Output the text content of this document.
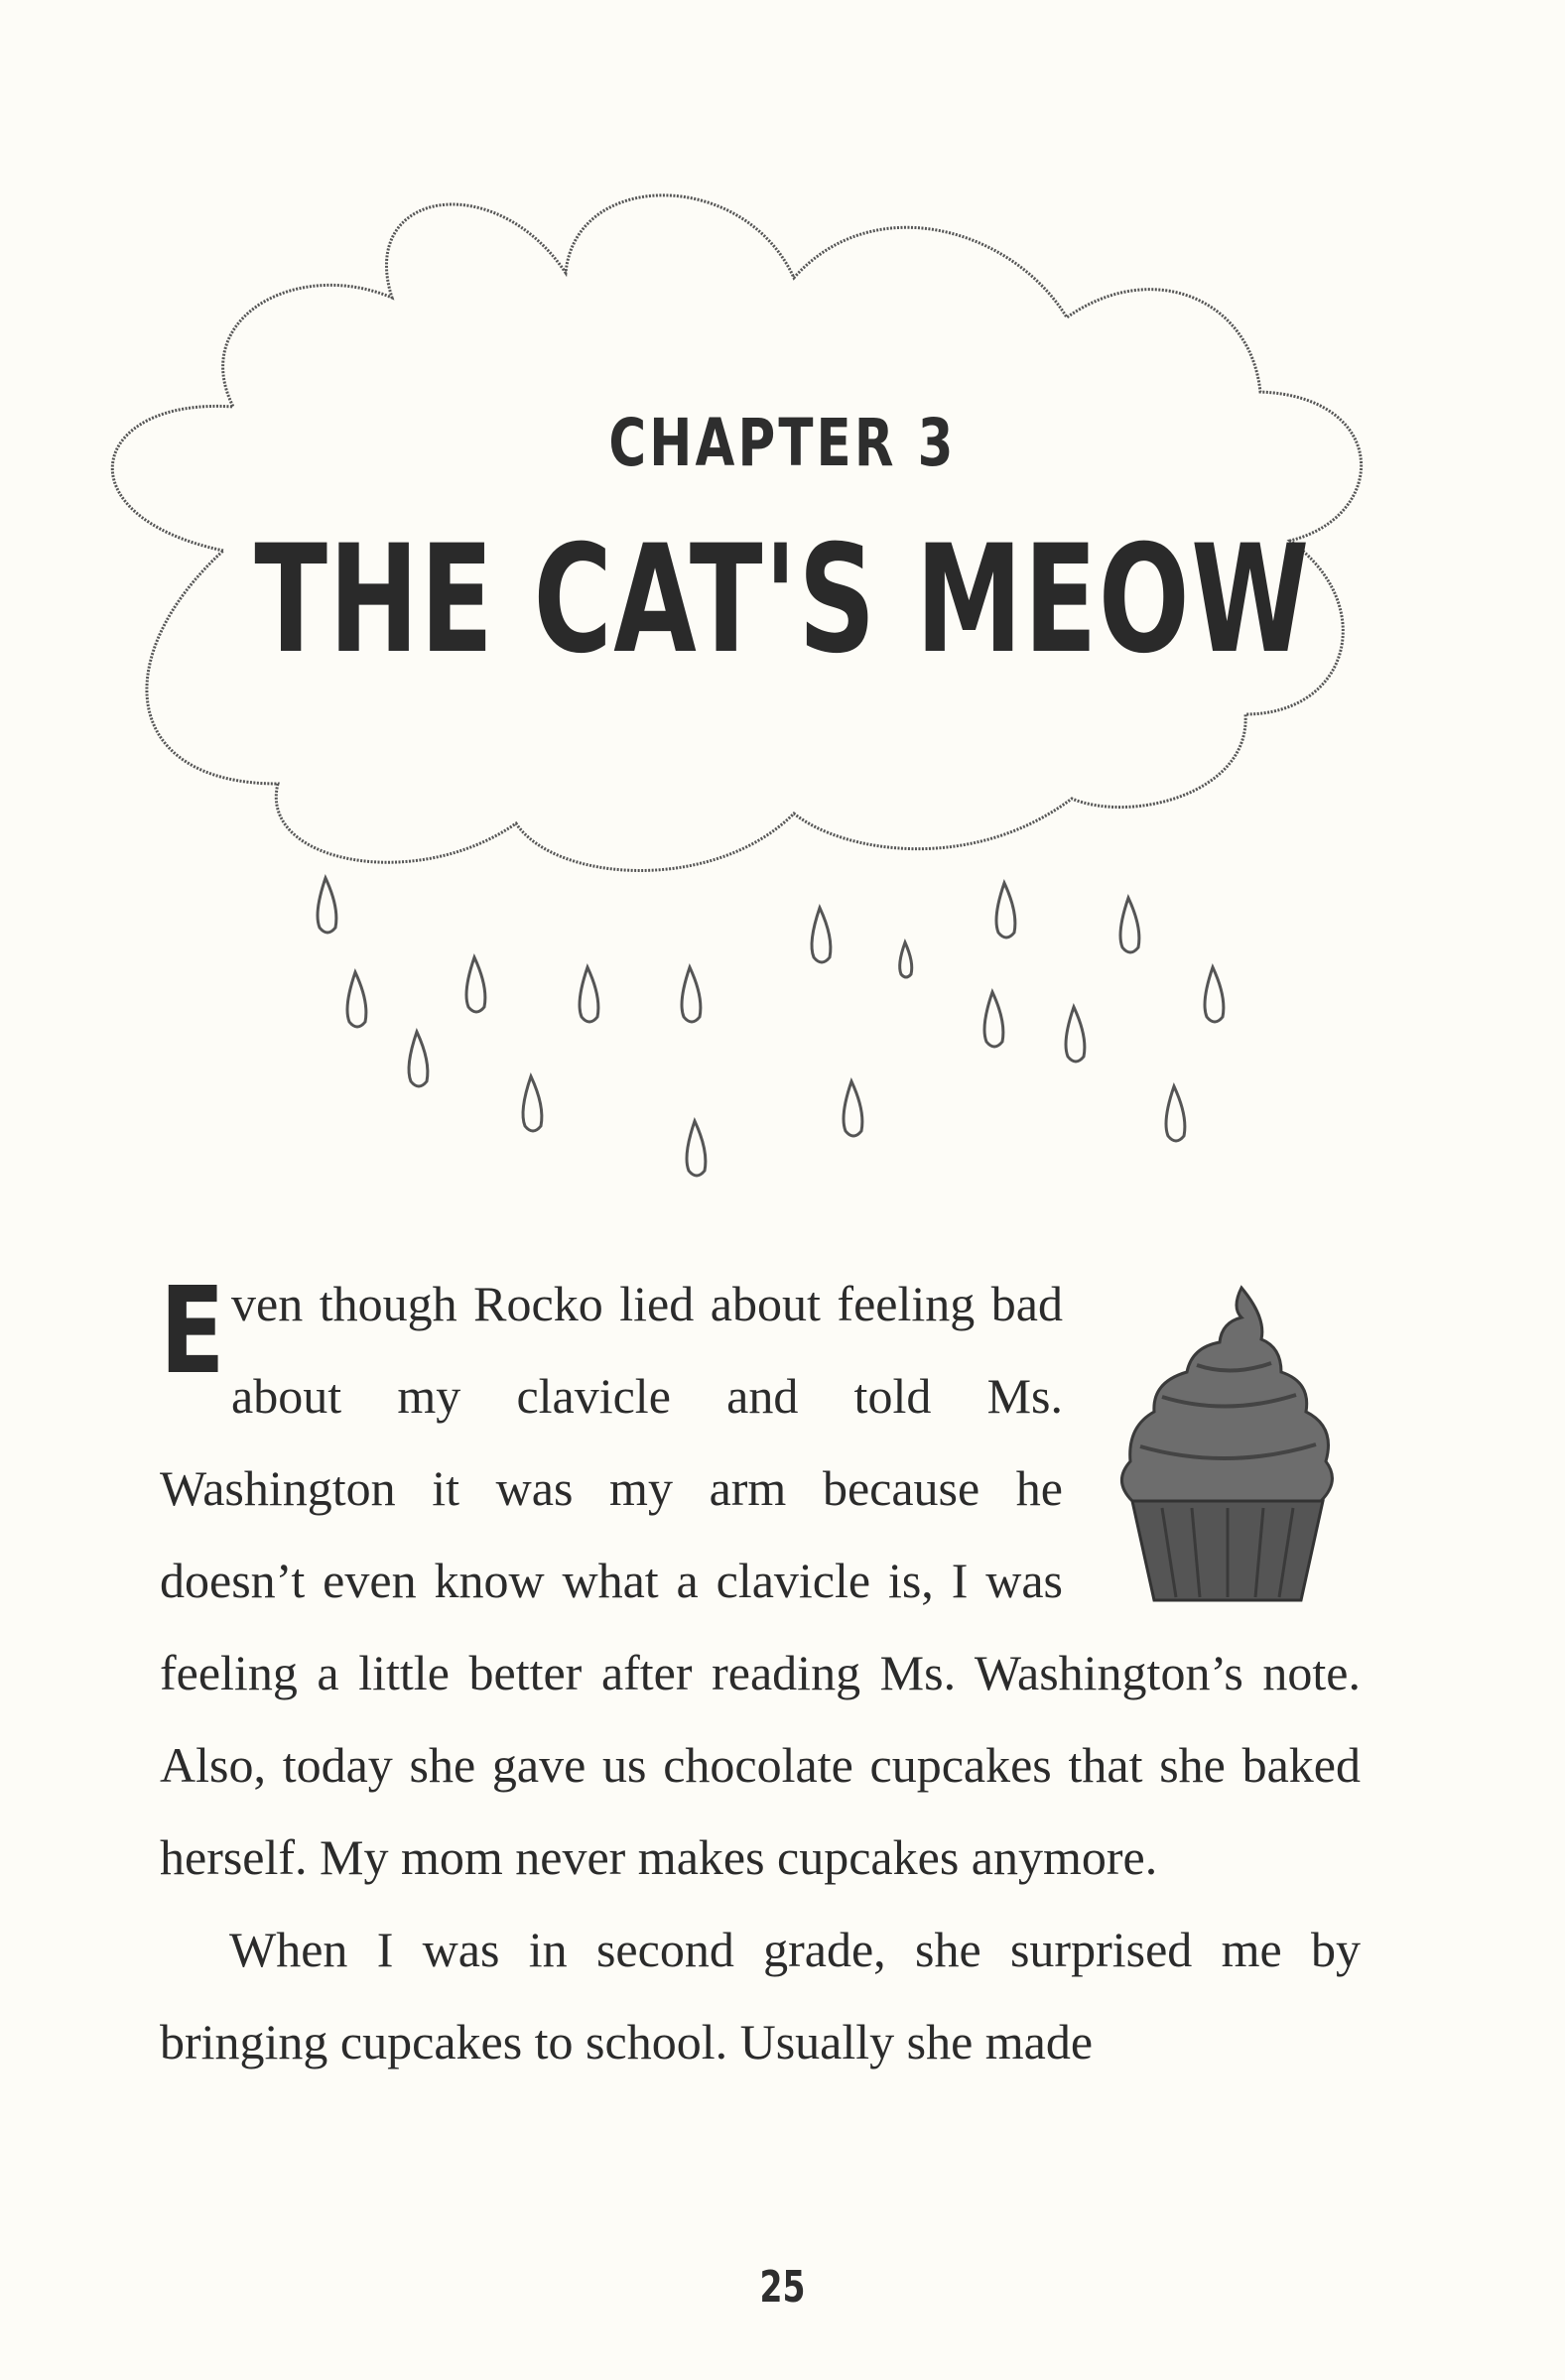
CHAPTER 3
THE CAT'S MEOW

E ven though Rocko lied about feeling bad about my clavicle and told Ms. Washington it was my arm because he doesn’t even know what a clavicle is, I was feeling a little better after reading Ms. Washington’s note. Also, today she gave us chocolate cupcakes that she baked herself. My mom never makes cupcakes anymore.

When I was in second grade, she surprised me by bringing cupcakes to school. Usually she made

25
